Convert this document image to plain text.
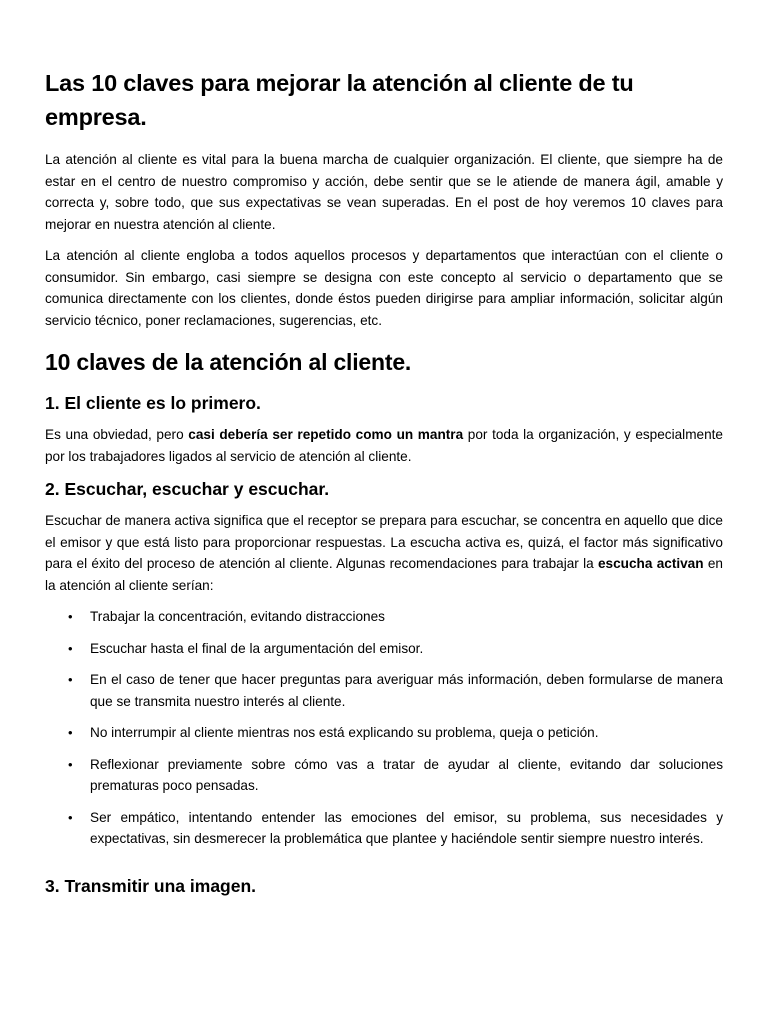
Las 10 claves para mejorar la atención al cliente de tu empresa.

La atención al cliente es vital para la buena marcha de cualquier organización. El cliente, que siempre ha de estar en el centro de nuestro compromiso y acción, debe sentir que se le atiende de manera ágil, amable y correcta y, sobre todo, que sus expectativas se vean superadas. En el post de hoy veremos 10 claves para mejorar en nuestra atención al cliente.

La atención al cliente engloba a todos aquellos procesos y departamentos que interactúan con el cliente o consumidor. Sin embargo, casi siempre se designa con este concepto al servicio o departamento que se comunica directamente con los clientes, donde éstos pueden dirigirse para ampliar información, solicitar algún servicio técnico, poner reclamaciones, sugerencias, etc.

10 claves de la atención al cliente.
1. El cliente es lo primero.

Es una obviedad, pero casi debería ser repetido como un mantra por toda la organización, y especialmente por los trabajadores ligados al servicio de atención al cliente.

2. Escuchar, escuchar y escuchar.

Escuchar de manera activa significa que el receptor se prepara para escuchar, se concentra en aquello que dice el emisor y que está listo para proporcionar respuestas. La escucha activa es, quizá, el factor más significativo para el éxito del proceso de atención al cliente. Algunas recomendaciones para trabajar la escucha activan en la atención al cliente serían:

• Trabajar la concentración, evitando distracciones
• Escuchar hasta el final de la argumentación del emisor.
• En el caso de tener que hacer preguntas para averiguar más información, deben formularse de manera que se transmita nuestro interés al cliente.
• No interrumpir al cliente mientras nos está explicando su problema, queja o petición.
• Reflexionar previamente sobre cómo vas a tratar de ayudar al cliente, evitando dar soluciones prematuras poco pensadas.
• Ser empático, intentando entender las emociones del emisor, su problema, sus necesidades y expectativas, sin desmerecer la problemática que plantee y haciéndole sentir siempre nuestro interés.
3. Transmitir una imagen.
